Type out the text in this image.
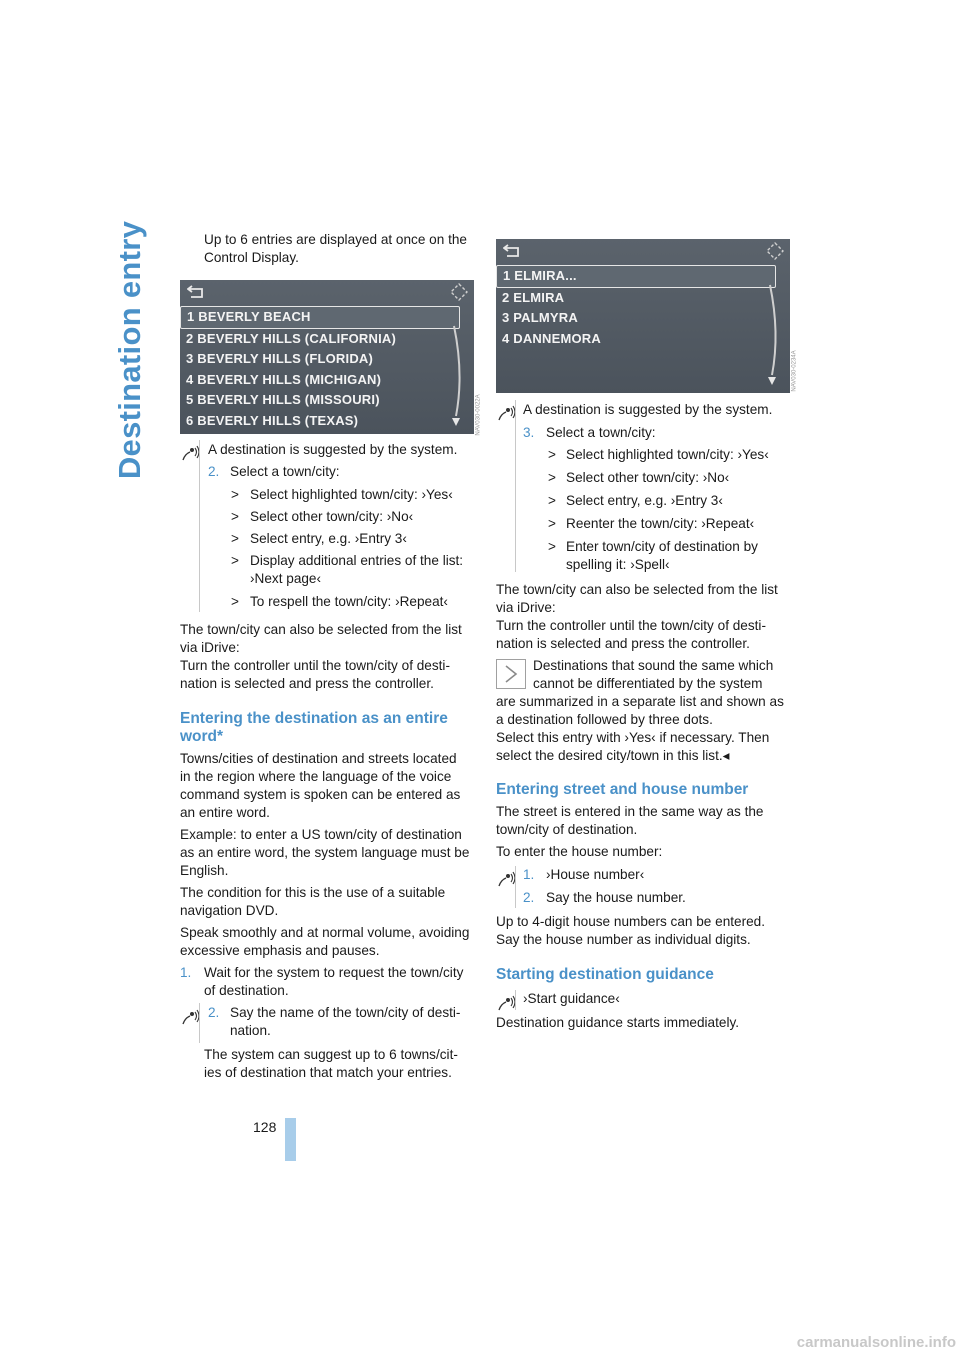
Destination entry	Up to 6 entries are displayed at once on the Control Display.

1 BEVERLY BEACH
2 BEVERLY HILLS (CALIFORNIA)
3 BEVERLY HILLS (FLORIDA)
4 BEVERLY HILLS (MICHIGAN)
5 BEVERLY HILLS (MISSOURI)
6 BEVERLY HILLS (TEXAS)	NAV030-0022A

A destination is suggested by the system.

2. Select a town/city:

> Select highlighted town/city: ›Yes‹
> Select other town/city: ›No‹
> Select entry, e.g. ›Entry 3‹
> Display additional entries of the list:
›Next page‹
> To respell the town/city: ›Repeat‹
The town/city can also be selected from the list
via iDrive:
Turn the controller until the town/city of desti-
nation is selected and press the controller.
Entering the destination as an entire
word*
Towns/cities of destination and streets located
in the region where the language of the voice
command system is spoken can be entered as
an entire word.
Example: to enter a US town/city of destination
as an entire word, the system language must be
English.
The condition for this is the use of a suitable
navigation DVD.
Speak smoothly and at normal volume, avoiding
excessive emphasis and pauses.
1. Wait for the system to request the town/city
of destination.
2. Say the name of the town/city of desti-
nation.
The system can suggest up to 6 towns/cit-
ies of destination that match your entries.
1 ELMIRA...
2 ELMIRA
3 PALMYRA
4 DANNEMORA
NAV030-0234A

A destination is suggested by the system.

3. Select a town/city:

> Select highlighted town/city: ›Yes‹
> Select other town/city: ›No‹
> Select entry, e.g. ›Entry 3‹
> Reenter the town/city: ›Repeat‹
> Enter town/city of destination by
spelling it: ›Spell‹
The town/city can also be selected from the list
via iDrive:
Turn the controller until the town/city of desti-
nation is selected and press the controller.
Destinations that sound the same which
cannot be differentiated by the system
are summarized in a separate list and shown as
a destination followed by three dots.
Select this entry with ›Yes‹ if necessary. Then
select the desired city/town in this list.◂
Entering street and house number
The street is entered in the same way as the
town/city of destination.

To enter the house number:

1. ›House number‹
2. Say the house number.
Up to 4-digit house numbers can be entered.
Say the house number as individual digits.
Starting destination guidance

›Start guidance‹

Destination guidance starts immediately.

128
carmanualsonline.info
